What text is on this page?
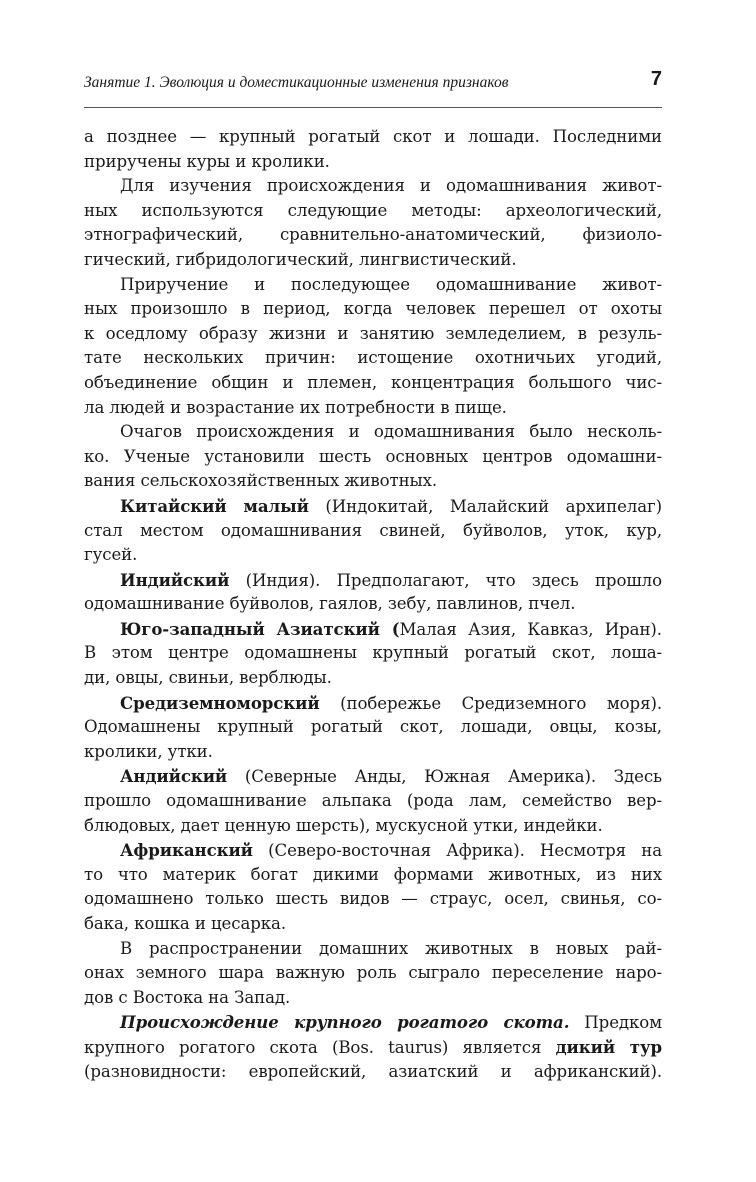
Занятие 1. Эволюция и доместикационные изменения признаков	7
а позднее — крупный рогатый скот и лошади. Последними
приручены куры и кролики.
Для изучения происхождения и одомашнивания живот-
ных используются следующие методы: археологический,
этнографический, сравнительно-анатомический, физиоло-
гический, гибридологический, лингвистический.
Приручение и последующее одомашнивание живот-
ных произошло в период, когда человек перешел от охоты
к оседлому образу жизни и занятию земледелием, в резуль-
тате нескольких причин: истощение охотничьих угодий,
объединение общин и племен, концентрация большого чис-
ла людей и возрастание их потребности в пище.
Очагов происхождения и одомашнивания было несколь-
ко. Ученые установили шесть основных центров одомашни-
вания сельскохозяйственных животных.
Китайский малый (Индокитай, Малайский архипелаг)
стал местом одомашнивания свиней, буйволов, уток, кур,
гусей.
Индийский (Индия). Предполагают, что здесь прошло
одомашнивание буйволов, гаялов, зебу, павлинов, пчел.
Юго-западный Азиатский (Малая Азия, Кавказ, Иран).
В этом центре одомашнены крупный рогатый скот, лоша-
ди, овцы, свиньи, верблюды.
Средиземноморский (побережье Средиземного моря).
Одомашнены крупный рогатый скот, лошади, овцы, козы,
кролики, утки.
Андийский (Северные Анды, Южная Америка). Здесь
прошло одомашнивание альпака (рода лам, семейство вер-
блюдовых, дает ценную шерсть), мускусной утки, индейки.
Африканский (Северо-восточная Африка). Несмотря на
то что материк богат дикими формами животных, из них
одомашнено только шесть видов — страус, осел, свинья, со-
бака, кошка и цесарка.
В распространении домашних животных в новых рай-
онах земного шара важную роль сыграло переселение наро-
дов с Востока на Запад.
Происхождение крупного рогатого скота. Предком
крупного рогатого скота (Bos. taurus) является дикий тур
(разновидности: европейский, азиатский и африканский).
